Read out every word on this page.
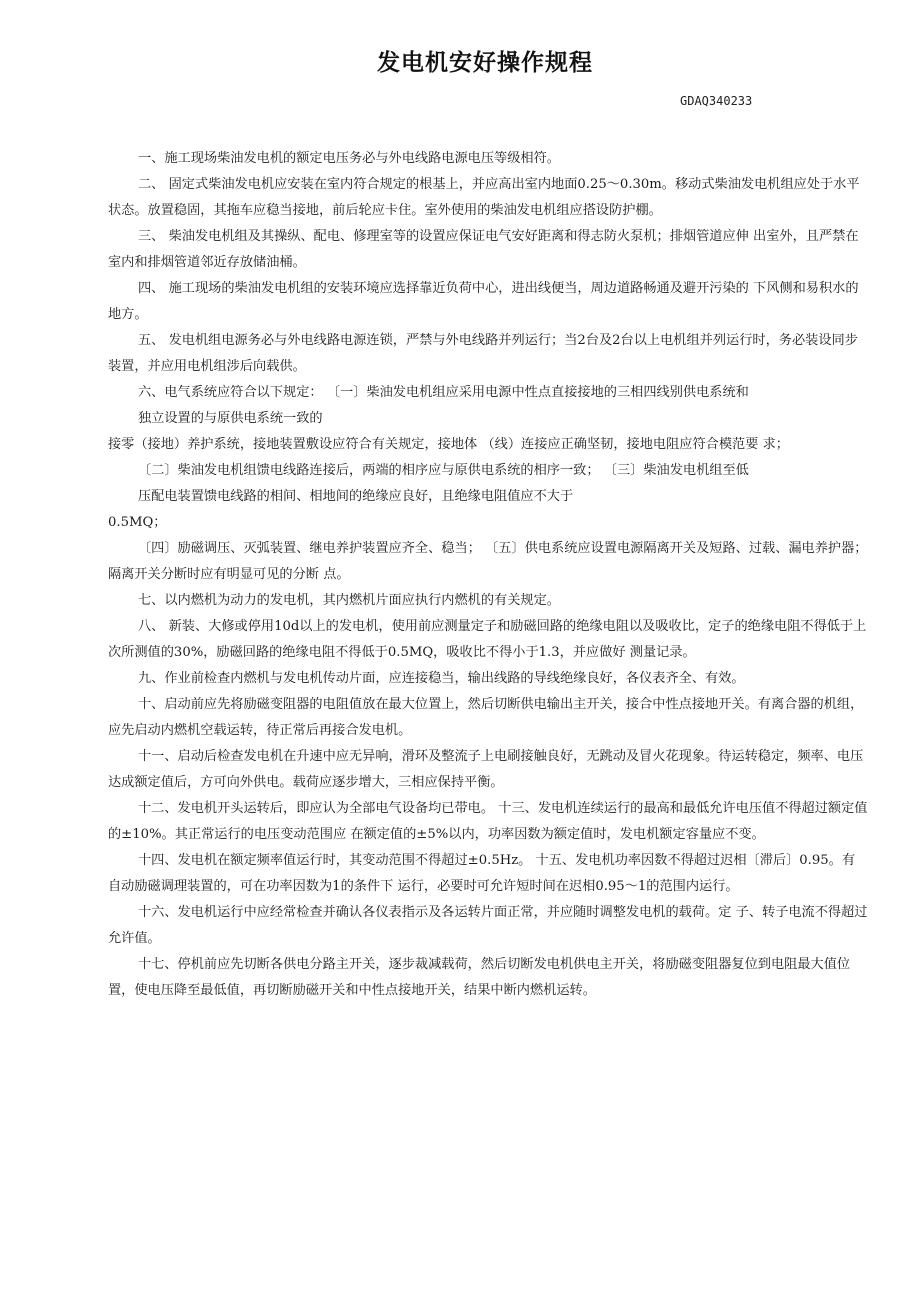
发电机安好操作规程
GDAQ340233

一、施工现场柴油发电机的额定电压务必与外电线路电源电压等级相符。

二、 固定式柴油发电机应安装在室内符合规定的根基上，并应高出室内地面0.25～0.30m。移动式柴油发电机组应处于水平状态。放置稳固，其拖车应稳当接地，前后轮应卡住。室外使用的柴油发电机组应搭设防护棚。

三、 柴油发电机组及其操纵、配电、修理室等的设置应保证电气安好距离和得志防火泵机；排烟管道应伸 出室外，且严禁在室内和排烟管道邻近存放储油桶。

四、 施工现场的柴油发电机组的安装环境应选择靠近负荷中心，进出线便当，周边道路畅通及避开污染的 下风侧和易积水的地方。

五、 发电机组电源务必与外电线路电源连锁，严禁与外电线路并列运行；当2台及2台以上电机组并列运行时，务必装设同步装置，并应用电机组涉后向载供。

六、电气系统应符合以下规定： 〔一〕柴油发电机组应采用电源中性点直接接地的三相四线别供电系统和

独立设置的与原供电系统一致的

接零（接地）养护系统，接地装置敷设应符合有关规定，接地体 （线）连接应正确坚韧，接地电阻应符合模范要 求；

〔二〕柴油发电机组馈电线路连接后，两端的相序应与原供电系统的相序一致； 〔三〕柴油发电机组至低

压配电装置馈电线路的相间、相地间的绝缘应良好，且绝缘电阻值应不大于

0.5MQ；

〔四〕励磁调压、灭弧装置、继电养护装置应齐全、稳当； 〔五〕供电系统应设置电源隔离开关及短路、过载、漏电养护器；隔离开关分断时应有明显可见的分断 点。

七、以内燃机为动力的发电机，其内燃机片面应执行内燃机的有关规定。

八、 新装、大修或停用10d以上的发电机，使用前应测量定子和励磁回路的绝缘电阻以及吸收比，定子的绝缘电阻不得低于上次所测值的30%，励磁回路的绝缘电阻不得低于0.5MQ，吸收比不得小于1.3，并应做好 测量记录。

九、作业前检查内燃机与发电机传动片面，应连接稳当，输出线路的导线绝缘良好，各仪表齐全、有效。

十、启动前应先将励磁变阻器的电阻值放在最大位置上，然后切断供电输出主开关，接合中性点接地开关。有离合器的机组，应先启动内燃机空载运转，待正常后再接合发电机。

十一、启动后检查发电机在升速中应无异响，滑环及整流子上电刷接触良好，无跳动及冒火花现象。待运转稳定，频率、电压达成额定值后，方可向外供电。载荷应逐步增大，三相应保持平衡。

十二、发电机开头运转后，即应认为全部电气设备均已带电。 十三、发电机连续运行的最高和最低允许电压值不得超过额定值的±10%。其正常运行的电压变动范围应 在额定值的±5%以内，功率因数为额定值时，发电机额定容量应不变。

十四、发电机在额定频率值运行时，其变动范围不得超过±0.5Hz。 十五、发电机功率因数不得超过迟相〔滞后〕0.95。有自动励磁调理装置的，可在功率因数为1的条件下 运行，必要时可允许短时间在迟相0.95～1的范围内运行。

十六、发电机运行中应经常检查并确认各仪表指示及各运转片面正常，并应随时调整发电机的载荷。定 子、转子电流不得超过允许值。

十七、停机前应先切断各供电分路主开关，逐步裁减载荷，然后切断发电机供电主开关，将励磁变阻器复位到电阻最大值位置，使电压降至最低值，再切断励磁开关和中性点接地开关，结果中断内燃机运转。
